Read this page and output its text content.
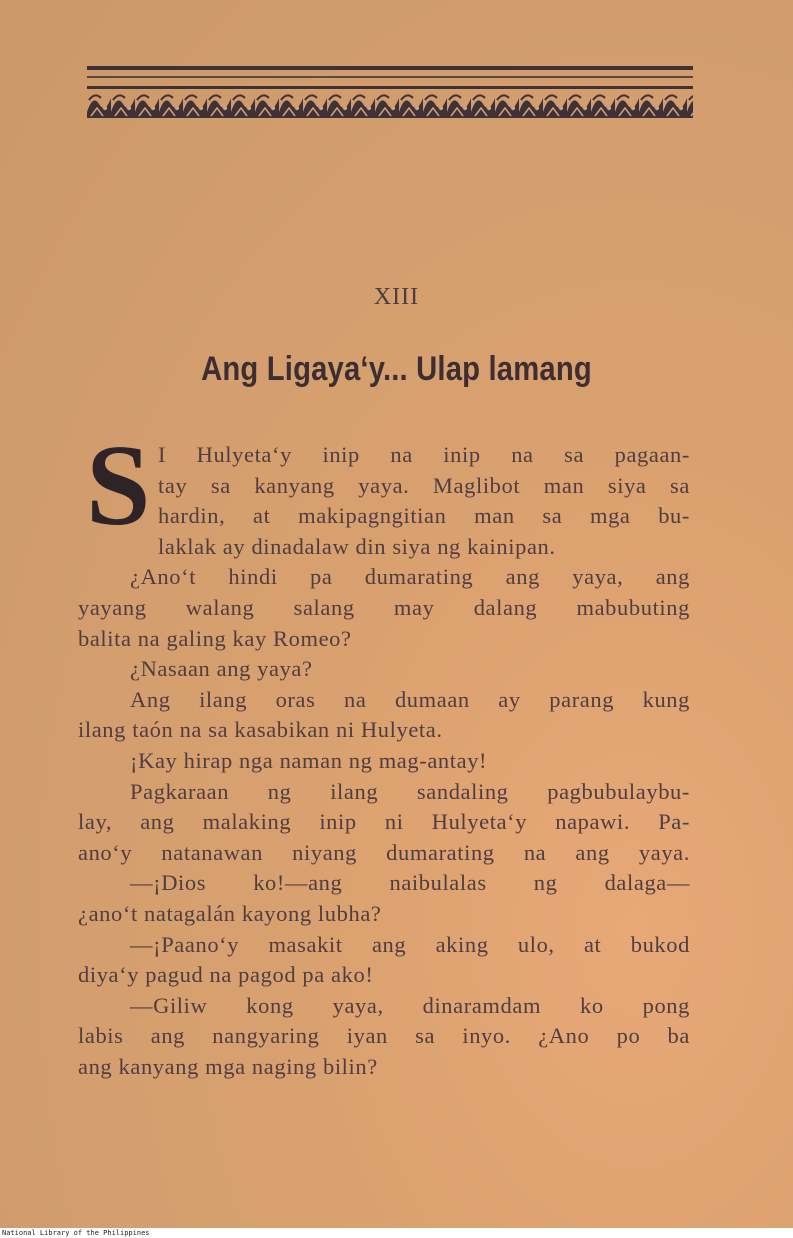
XIII
Ang Ligaya‘y... Ulap lamang
S I Hulyeta‘y inip na inip na sa pagaan-
tay sa kanyang yaya. Maglibot man siya sa
hardin, at makipagngitian man sa mga bu-
laklak ay dinadalaw din siya ng kainipan.
¿Ano‘t hindi pa dumarating ang yaya, ang
yayang walang salang may dalang mabubuting
balita na galing kay Romeo?
¿Nasaan ang yaya?
Ang ilang oras na dumaan ay parang kung
ilang taón na sa kasabikan ni Hulyeta.
¡Kay hirap nga naman ng mag-antay!
Pagkaraan ng ilang sandaling pagbubulaybu-
lay, ang malaking inip ni Hulyeta‘y napawi. Pa-
ano‘y natanawan niyang dumarating na ang yaya.
—¡Dios ko!—ang naibulalas ng dalaga—
¿ano‘t natagalán kayong lubha?
—¡Paano‘y masakit ang aking ulo, at bukod
diya‘y pagud na pagod pa ako!
—Giliw kong yaya, dinaramdam ko pong
labis ang nangyaring iyan sa inyo. ¿Ano po ba
ang kanyang mga naging bilin?
National Library of the Philippines
